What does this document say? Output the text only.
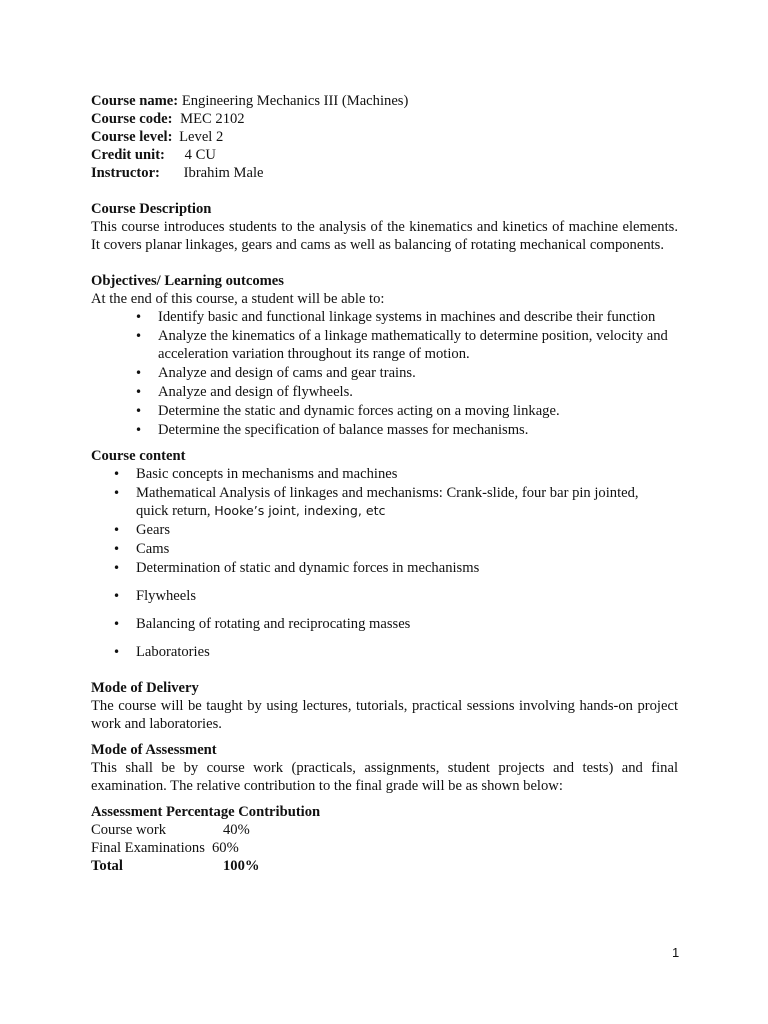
Course name: Engineering Mechanics III (Machines)

Course code: MEC 2102

Course level: Level 2

Credit unit: 4 CU

Instructor: Ibrahim Male

Course Description

This course introduces students to the analysis of the kinematics and kinetics of machine elements. It covers planar linkages, gears and cams as well as balancing of rotating mechanical components.

Objectives/ Learning outcomes

At the end of this course, a student will be able to:

• Identify basic and functional linkage systems in machines and describe their function
• Analyze the kinematics of a linkage mathematically to determine position, velocity and acceleration variation throughout its range of motion.
• Analyze and design of cams and gear trains.
• Analyze and design of flywheels.
• Determine the static and dynamic forces acting on a moving linkage.
• Determine the specification of balance masses for mechanisms.

Course content

• Basic concepts in mechanisms and machines
• Mathematical Analysis of linkages and mechanisms: Crank-slide, four bar pin jointed,
quick return, Hooke’s joint, indexing, etc
• Gears
• Cams
• Determination of static and dynamic forces in mechanisms
• Flywheels
• Balancing of rotating and reciprocating masses
• Laboratories

Mode of Delivery

The course will be taught by using lectures, tutorials, practical sessions involving hands-on project work and laboratories.

Mode of Assessment

This shall be by course work (practicals, assignments, student projects and tests) and final examination. The relative contribution to the final grade will be as shown below:

Assessment Percentage Contribution

Course work	40%
Final Examinations 60%
Total	100%
1
